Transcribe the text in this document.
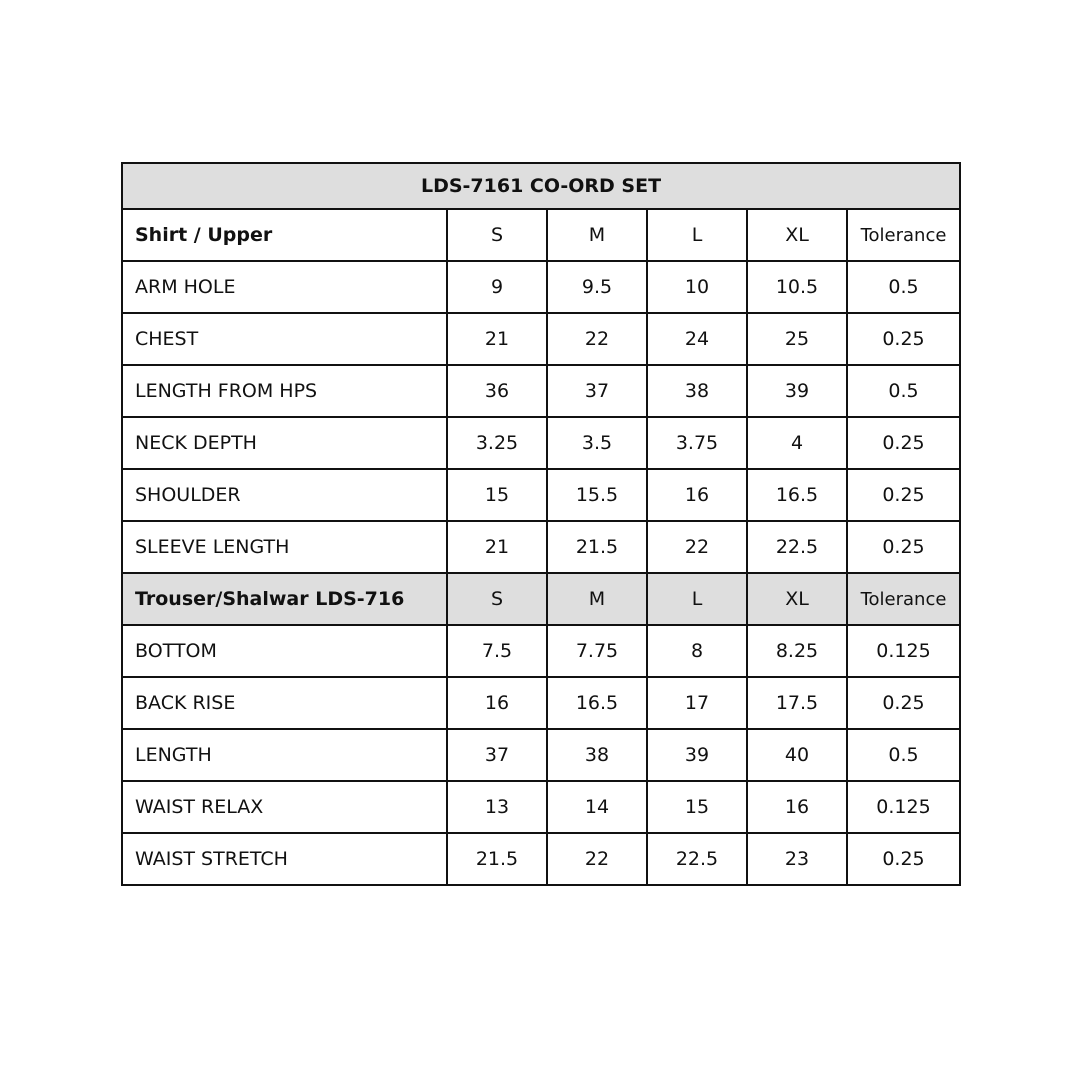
LDS-7161 CO-ORD SET					
Shirt / Upper	S	M	L	XL	Tolerance
ARM HOLE	9	9.5	10	10.5	0.5
CHEST	21	22	24	25	0.25
LENGTH FROM HPS	36	37	38	39	0.5
NECK DEPTH	3.25	3.5	3.75	4	0.25
SHOULDER	15	15.5	16	16.5	0.25
SLEEVE LENGTH	21	21.5	22	22.5	0.25
Trouser/Shalwar LDS-716	S	M	L	XL	Tolerance
BOTTOM	7.5	7.75	8	8.25	0.125
BACK RISE	16	16.5	17	17.5	0.25
LENGTH	37	38	39	40	0.5
WAIST RELAX	13	14	15	16	0.125
WAIST STRETCH	21.5	22	22.5	23	0.25
